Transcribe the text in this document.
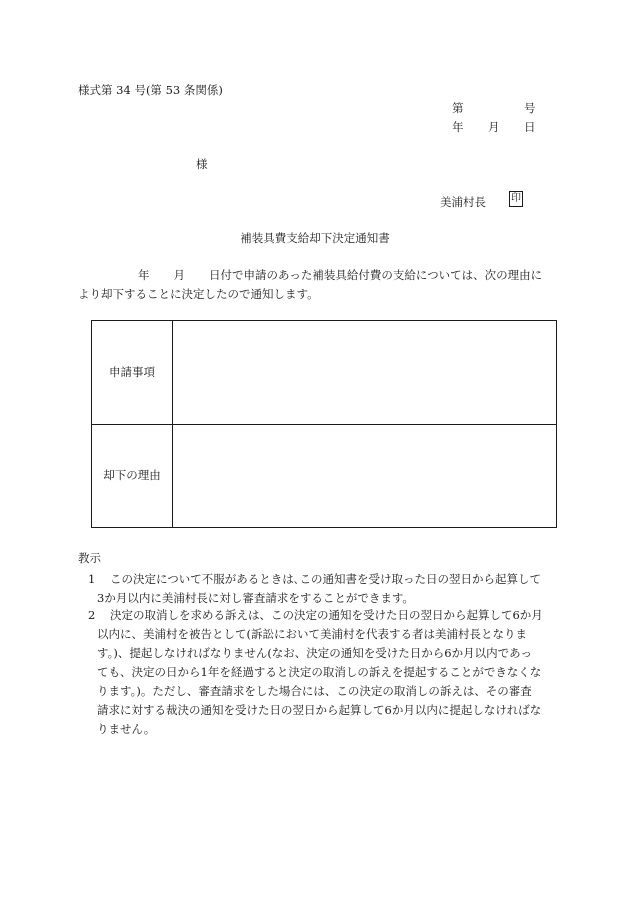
様式第 34 号(第 53 条関係)
第	号
年 月 日
様
美浦村長	印
補装具費支給却下決定通知書
年 月 日付で申請のあった補装具給付費の支給については、次の理由に
より却下することに決定したので通知します。
申請事項
却下の理由
教示
1 この決定について不服があるときは､この通知書を受け取った日の翌日から起算して
3か月以内に美浦村長に対し審査請求をすることができます。
2 決定の取消しを求める訴えは、この決定の通知を受けた日の翌日から起算して6か月
以内に、美浦村を被告として(訴訟において美浦村を代表する者は美浦村長となりま
す。)、提起しなければなりません(なお、決定の通知を受けた日から6か月以内であっ
ても、決定の日から1年を経過すると決定の取消しの訴えを提起することができなくな
ります。)。ただし、審査請求をした場合には、この決定の取消しの訴えは、その審査
請求に対する裁決の通知を受けた日の翌日から起算して6か月以内に提起しなければな
りません。
